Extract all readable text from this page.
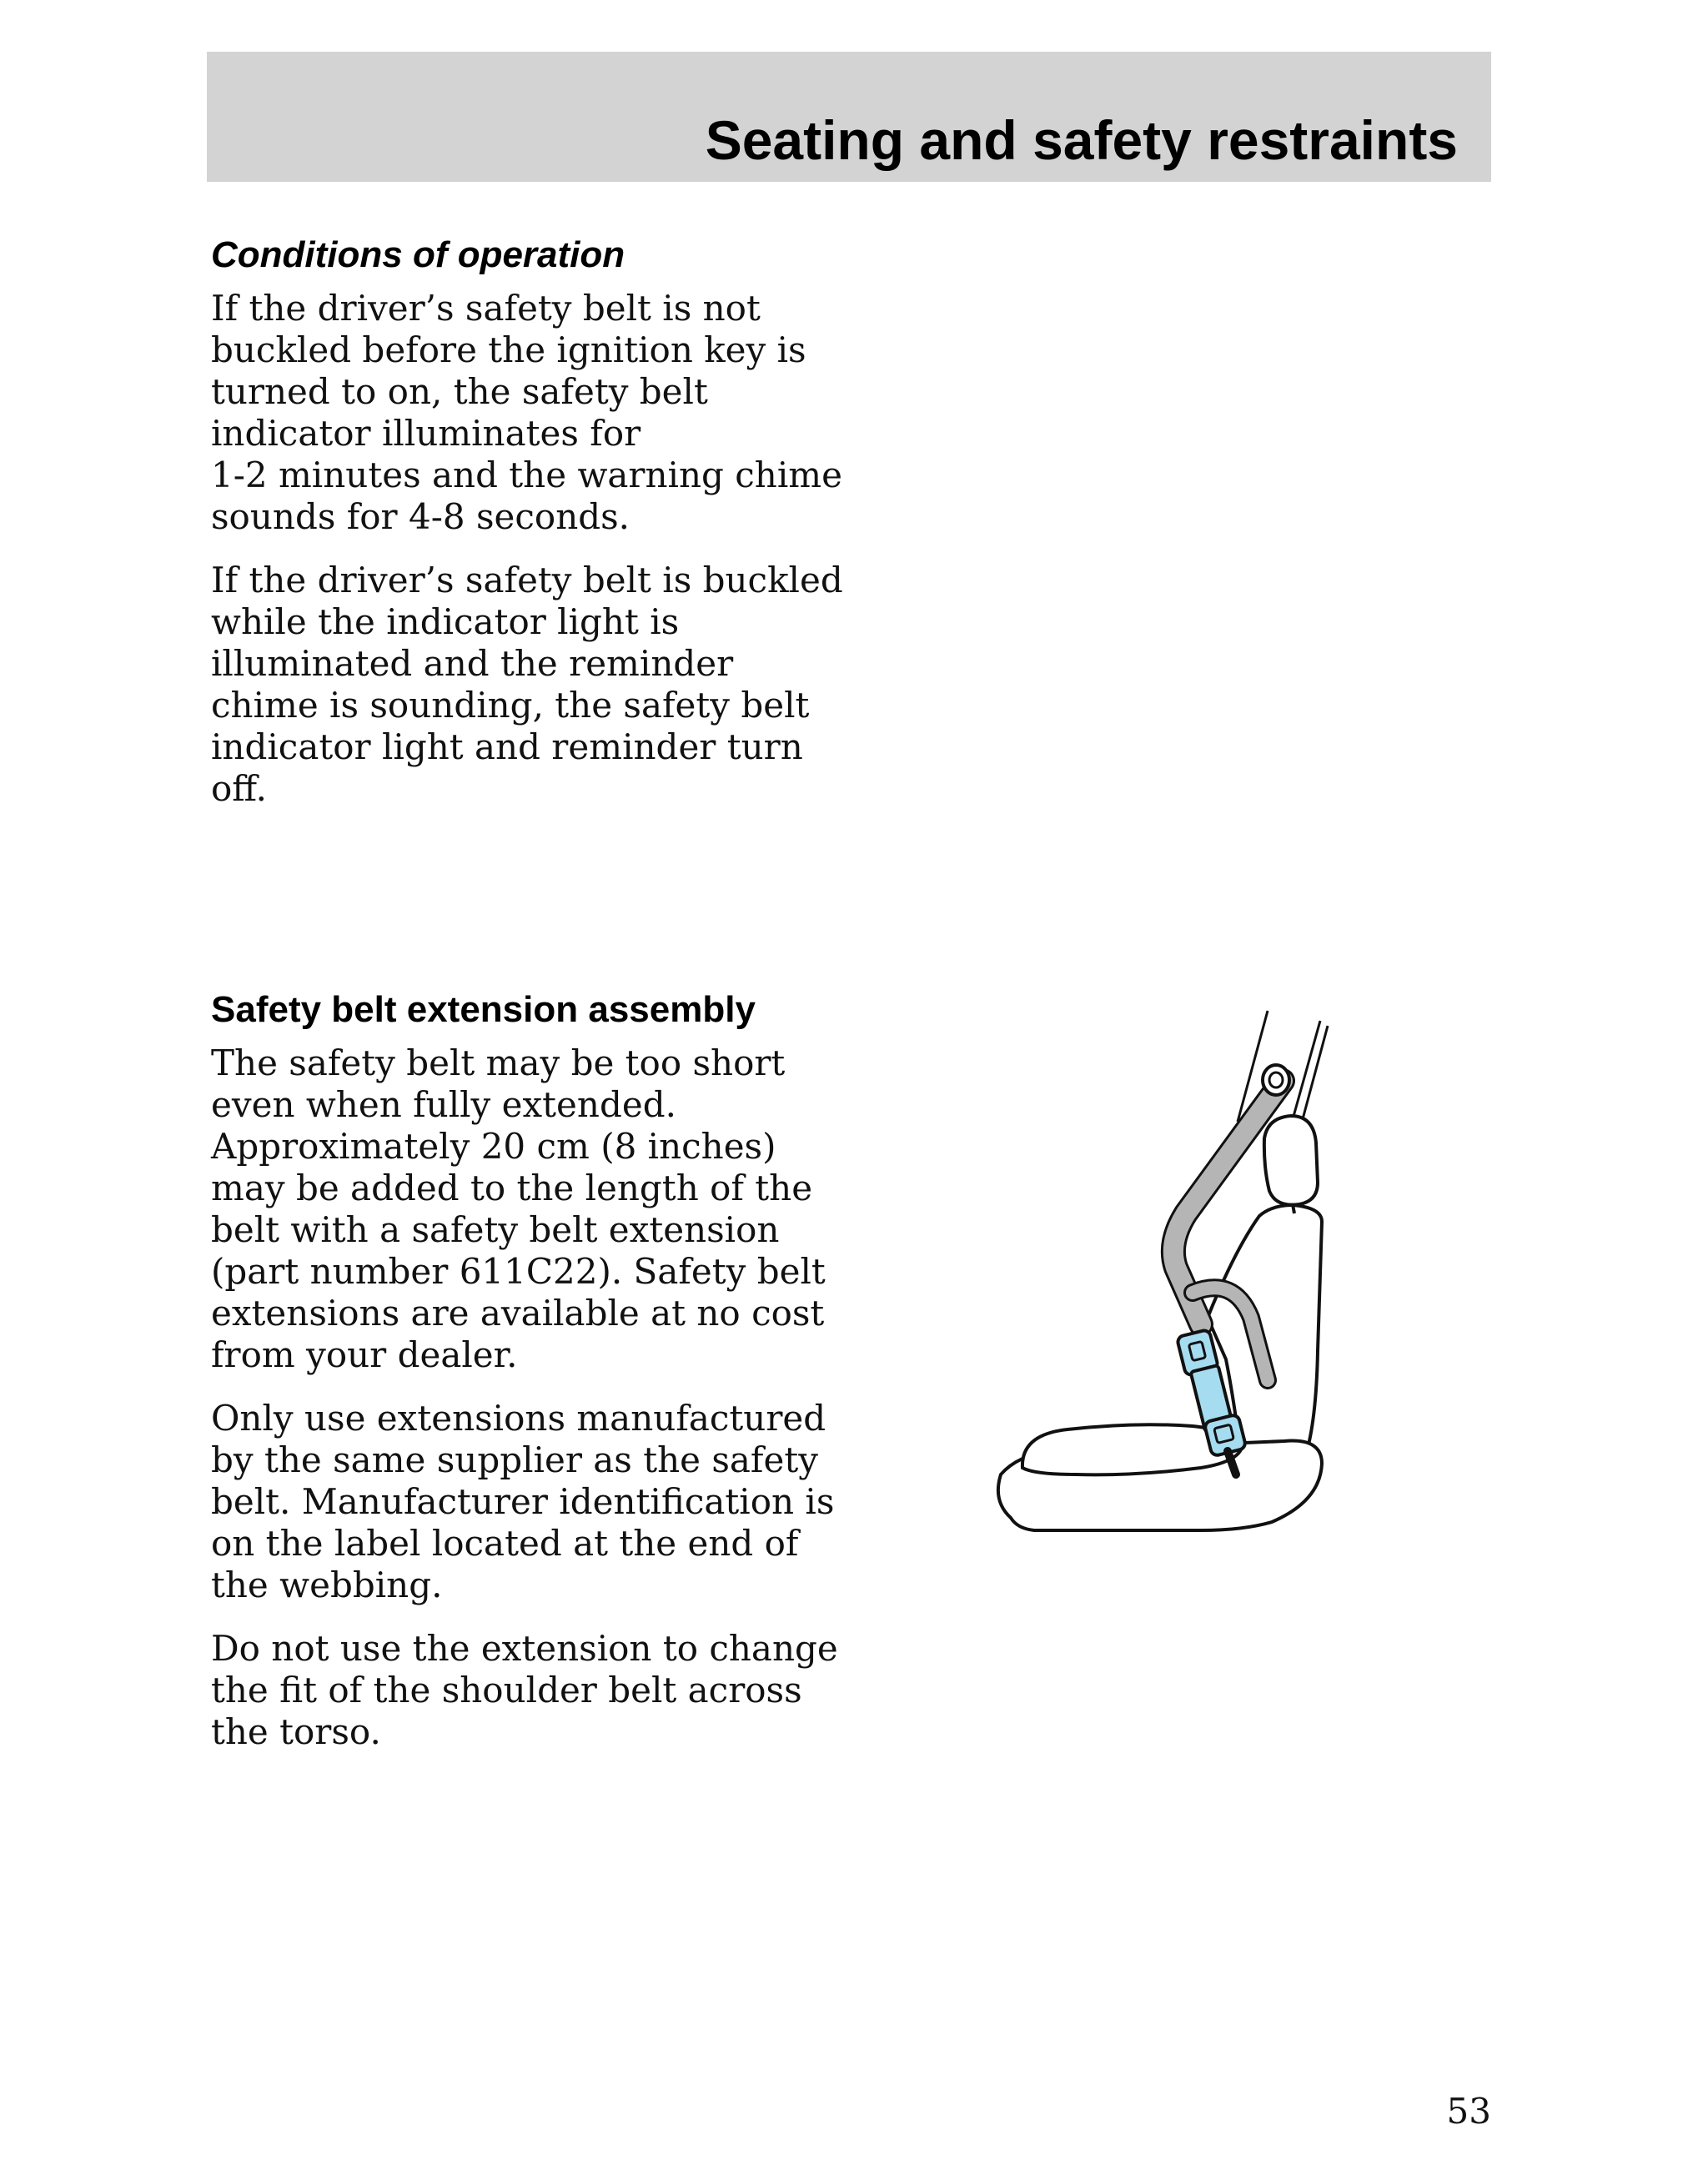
Seating and safety restraints
Conditions of operation

If the driver’s safety belt is not
buckled before the ignition key is
turned to on, the safety belt
indicator illuminates for
1-2 minutes and the warning chime
sounds for 4-8 seconds.

If the driver’s safety belt is buckled
while the indicator light is
illuminated and the reminder
chime is sounding, the safety belt
indicator light and reminder turn
off.

Safety belt extension assembly

The safety belt may be too short
even when fully extended.
Approximately 20 cm (8 inches)
may be added to the length of the
belt with a safety belt extension
(part number 611C22). Safety belt
extensions are available at no cost
from your dealer.

Only use extensions manufactured
by the same supplier as the safety
belt. Manufacturer identification is
on the label located at the end of
the webbing.

Do not use the extension to change
the fit of the shoulder belt across
the torso.

53
